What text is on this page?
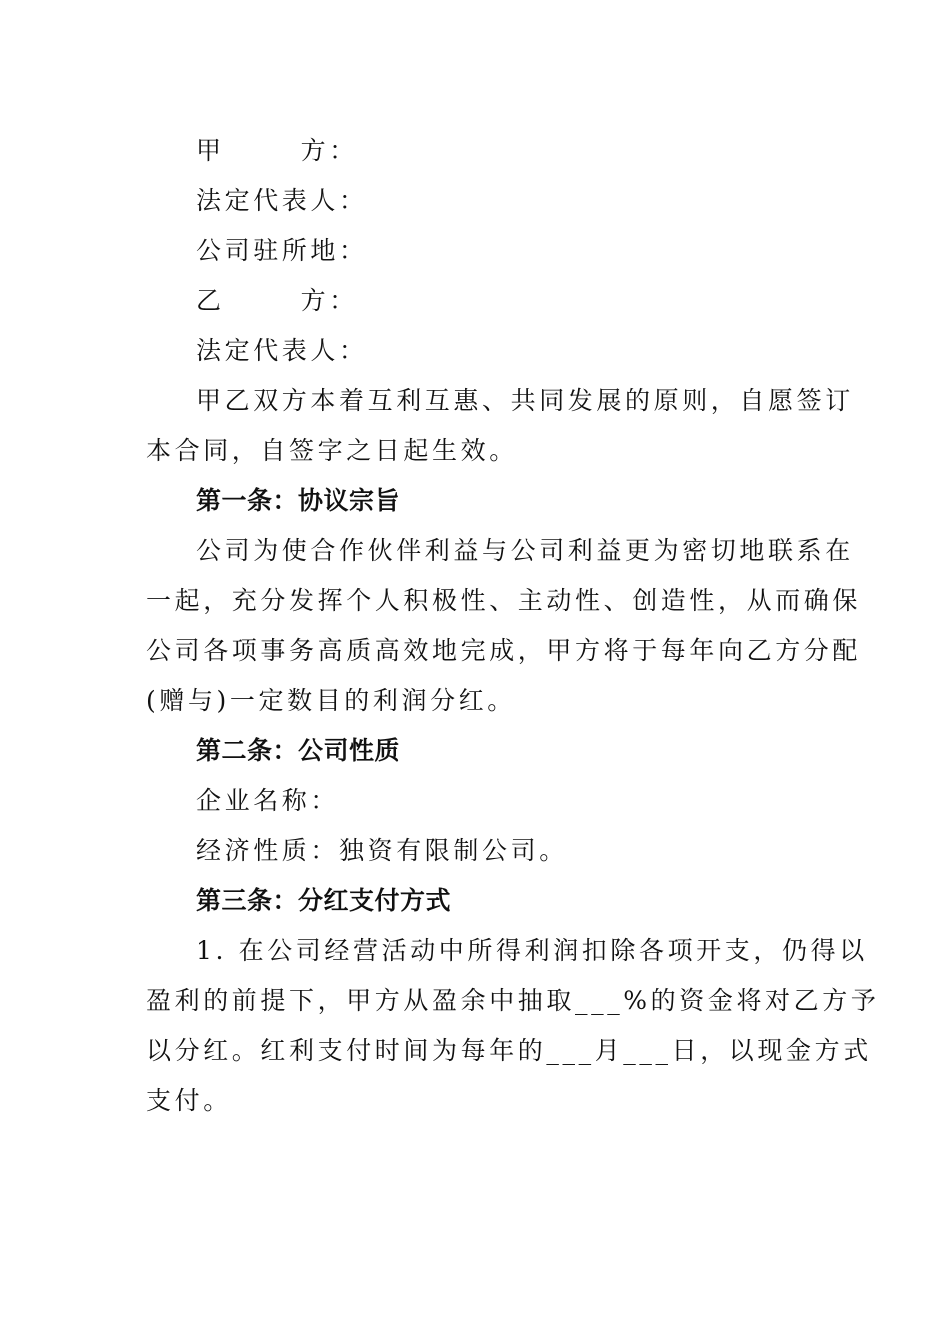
甲	方：
法定代表人：
公司驻所地：
乙	方：
法定代表人：
甲乙双方本着互利互惠、共同发展的原则，自愿签订
本合同，自签字之日起生效。
第一条：协议宗旨
公司为使合作伙伴利益与公司利益更为密切地联系在
一起，充分发挥个人积极性、主动性、创造性，从而确保
公司各项事务高质高效地完成，甲方将于每年向乙方分配
(赠与)一定数目的利润分红。
第二条：公司性质
企业名称：
经济性质：独资有限制公司。
第三条：分红支付方式
1. 在公司经营活动中所得利润扣除各项开支，仍得以
盈利的前提下，甲方从盈余中抽取___%的资金将对乙方予
以分红。红利支付时间为每年的___月___日，以现金方式
支付。
